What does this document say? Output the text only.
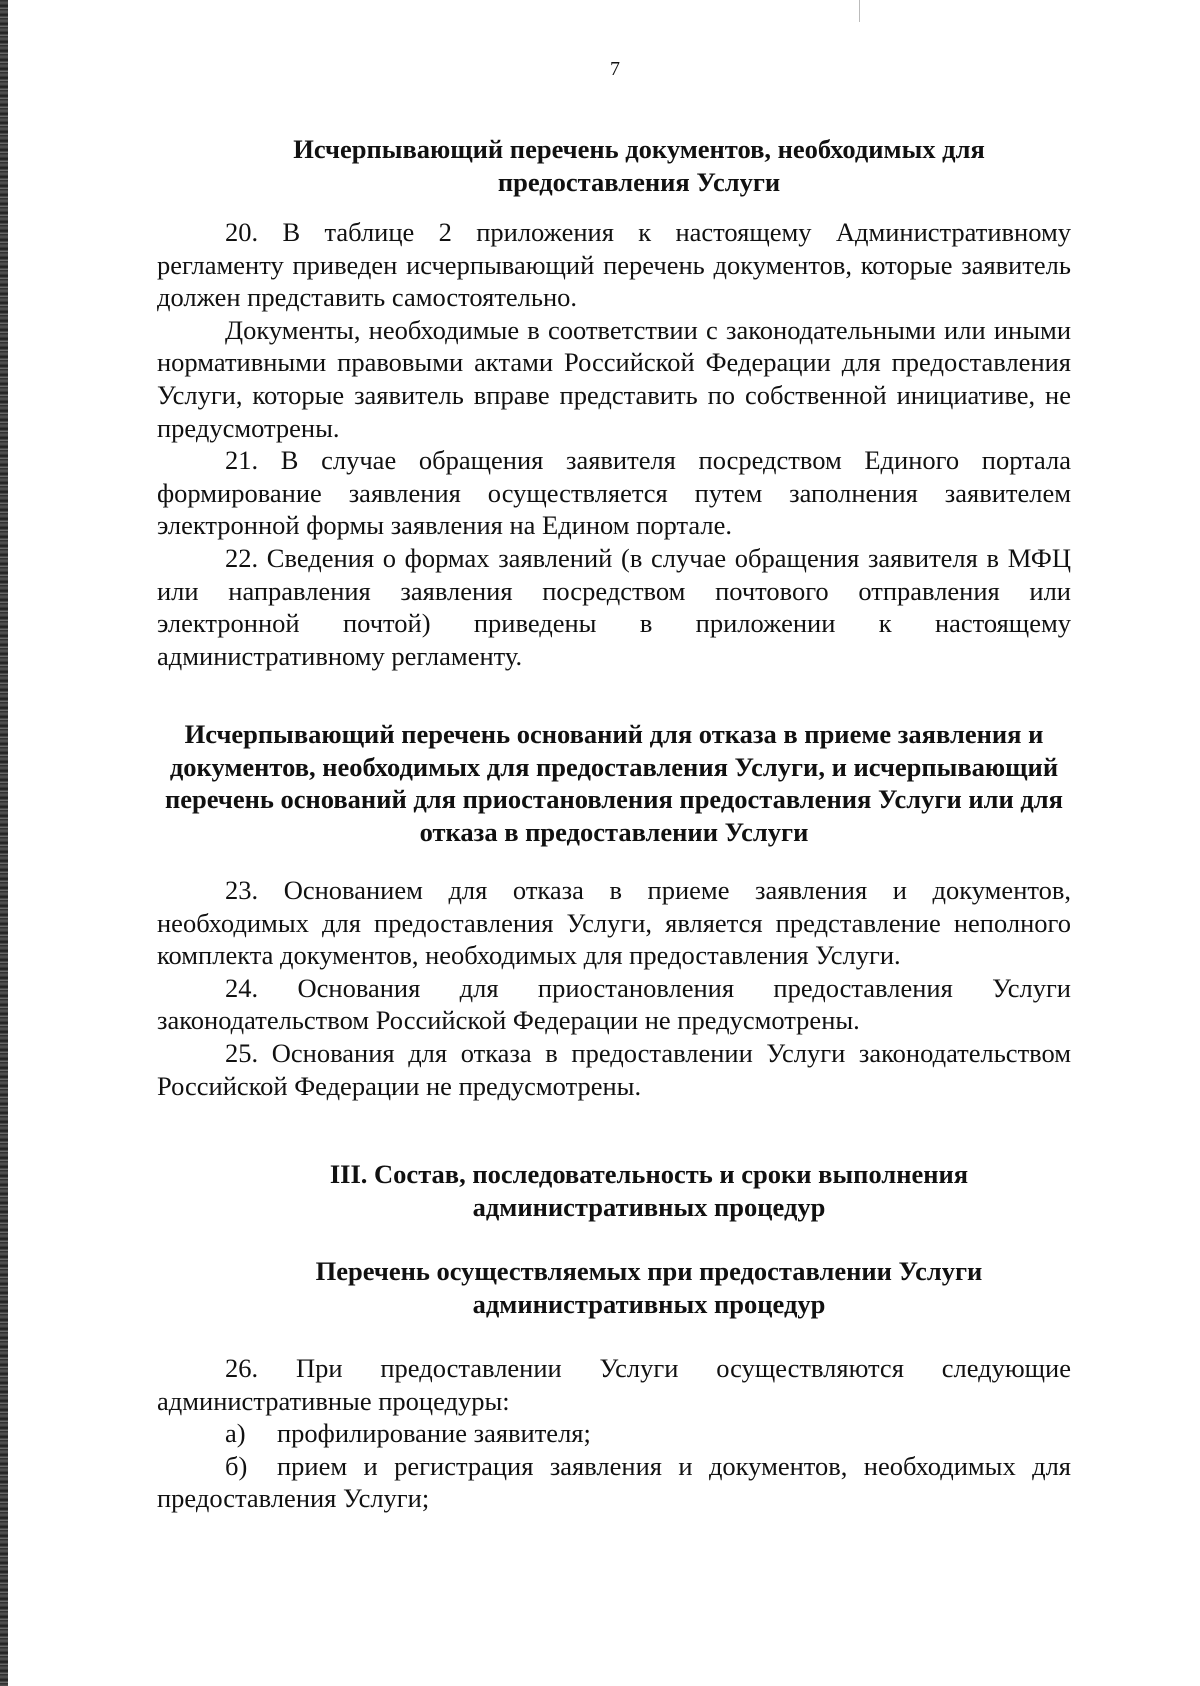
7
Исчерпывающий перечень документов, необходимых для предоставления Услуги

20. В таблице 2 приложения к настоящему Административному регламенту приведен исчерпывающий перечень документов, которые заявитель должен представить самостоятельно.

Документы, необходимые в соответствии с законодательными или иными нормативными правовыми актами Российской Федерации для предоставления Услуги, которые заявитель вправе представить по собственной инициативе, не предусмотрены.

21. В случае обращения заявителя посредством Единого портала формирование заявления осуществляется путем заполнения заявителем электронной формы заявления на Едином портале.

22. Сведения о формах заявлений (в случае обращения заявителя в МФЦ или направления заявления посредством почтового отправления или электронной почтой) приведены в приложении к настоящему административному регламенту.

Исчерпывающий перечень оснований для отказа в приеме заявления и документов, необходимых для предоставления Услуги, и исчерпывающий перечень оснований для приостановления предоставления Услуги или для отказа в предоставлении Услуги

23. Основанием для отказа в приеме заявления и документов, необходимых для предоставления Услуги, является представление неполного комплекта документов, необходимых для предоставления Услуги.

24. Основания для приостановления предоставления Услуги законодательством Российской Федерации не предусмотрены.

25. Основания для отказа в предоставлении Услуги законодательством Российской Федерации не предусмотрены.

III. Состав, последовательность и сроки выполнения административных процедур
Перечень осуществляемых при предоставлении Услуги административных процедур

26. При предоставлении Услуги осуществляются следующие административные процедуры:

а) профилирование заявителя;

б) прием и регистрация заявления и документов, необходимых для предоставления Услуги;
